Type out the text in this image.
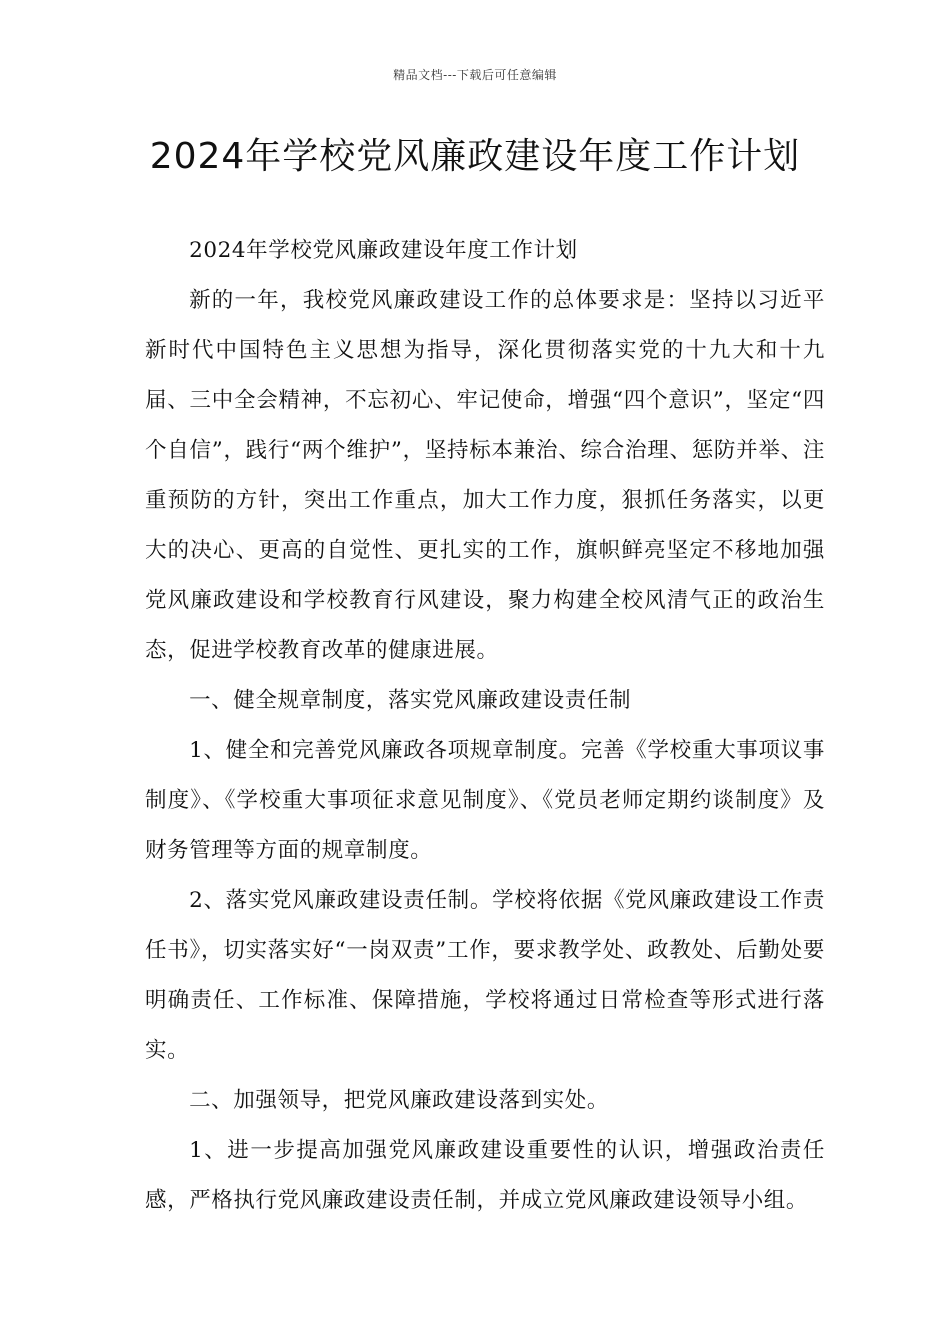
精品文档---下载后可任意编辑
2024年学校党风廉政建设年度工作计划

2024年学校党风廉政建设年度工作计划

新的一年，我校党风廉政建设工作的总体要求是：坚持以习近平新时代中国特色主义思想为指导，深化贯彻落实党的十九大和十九届、三中全会精神，不忘初心、牢记使命，增强“四个意识”，坚定“四个自信”，践行“两个维护”，坚持标本兼治、综合治理、惩防并举、注重预防的方针，突出工作重点，加大工作力度，狠抓任务落实，以更大的决心、更高的自觉性、更扎实的工作，旗帜鲜亮坚定不移地加强党风廉政建设和学校教育行风建设，聚力构建全校风清气正的政治生态，促进学校教育改革的健康进展。

一、健全规章制度，落实党风廉政建设责任制

1、健全和完善党风廉政各项规章制度。完善《学校重大事项议事制度》、《学校重大事项征求意见制度》、《党员老师定期约谈制度》及财务管理等方面的规章制度。

2、落实党风廉政建设责任制。学校将依据《党风廉政建设工作责任书》，切实落实好“一岗双责”工作，要求教学处、政教处、后勤处要明确责任、工作标准、保障措施，学校将通过日常检查等形式进行落实。

二、加强领导，把党风廉政建设落到实处。

1、进一步提高加强党风廉政建设重要性的认识，增强政治责任感，严格执行党风廉政建设责任制，并成立党风廉政建设领导小组。
